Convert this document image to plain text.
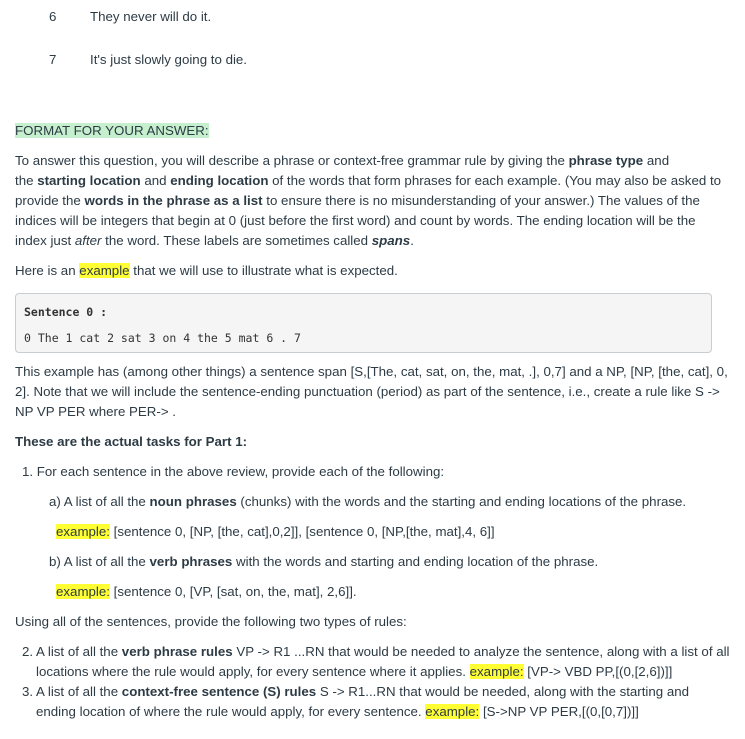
6	They never will do it.
7	It's just slowly going to die.
FORMAT FOR YOUR ANSWER:
To answer this question, you will describe a phrase or context-free grammar rule by giving the phrase type and
the starting location and ending location of the words that form phrases for each example. (You may also be asked to
provide the words in the phrase as a list to ensure there is no misunderstanding of your answer.) The values of the
indices will be integers that begin at 0 (just before the first word) and count by words. The ending location will be the
index just after the word. These labels are sometimes called spans.
Here is an example that we will use to illustrate what is expected.
Sentence 0 :
0 The 1 cat 2 sat 3 on 4 the 5 mat 6 . 7
This example has (among other things) a sentence span [S,[The, cat, sat, on, the, mat, .], 0,7] and a NP, [NP, [the, cat], 0,
2]. Note that we will include the sentence-ending punctuation (period) as part of the sentence, i.e., create a rule like S ->
NP VP PER where PER-> .
These are the actual tasks for Part 1:
1. For each sentence in the above review, provide each of the following:
a) A list of all the noun phrases (chunks) with the words and the starting and ending locations of the phrase.
example: [sentence 0, [NP, [the, cat],0,2]], [sentence 0, [NP,[the, mat],4, 6]]
b) A list of all the verb phrases with the words and starting and ending location of the phrase.
example: [sentence 0, [VP, [sat, on, the, mat], 2,6]].
Using all of the sentences, provide the following two types of rules:
2. A list of all the verb phrase rules VP -> R1 ...RN that would be needed to analyze the sentence, along with a list of all
locations where the rule would apply, for every sentence where it applies. example: [VP-> VBD PP,[(0,[2,6])]]
3. A list of all the context-free sentence (S) rules S -> R1...RN that would be needed, along with the starting and
ending location of where the rule would apply, for every sentence. example: [S->NP VP PER,[(0,[0,7])]]
